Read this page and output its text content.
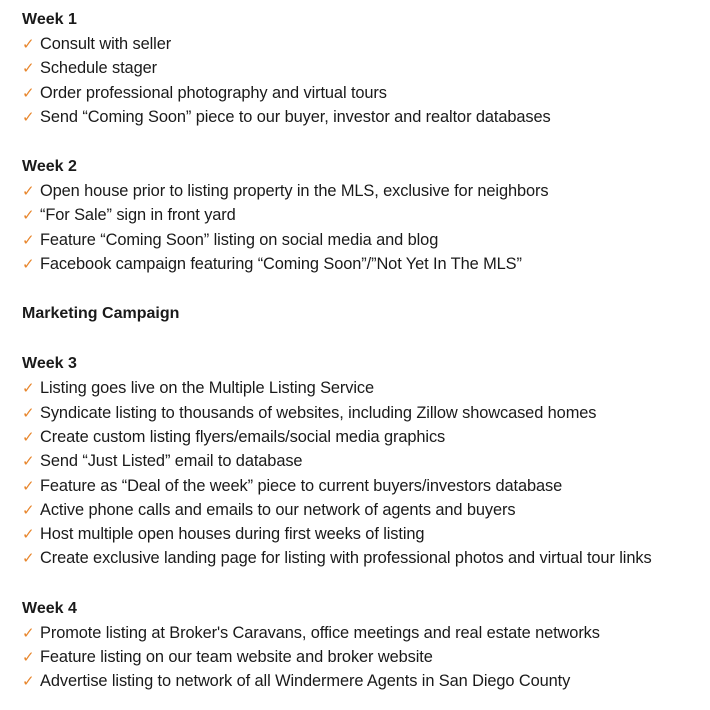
Week 1
✓ Consult with seller
✓ Schedule stager
✓ Order professional photography and virtual tours
✓ Send “Coming Soon” piece to our buyer, investor and realtor databases
Week 2
✓ Open house prior to listing property in the MLS, exclusive for neighbors
✓ “For Sale” sign in front yard
✓ Feature “Coming Soon” listing on social media and blog
✓ Facebook campaign featuring “Coming Soon”/”Not Yet In The MLS”
Marketing Campaign
Week 3
✓ Listing goes live on the Multiple Listing Service
✓ Syndicate listing to thousands of websites, including Zillow showcased homes
✓ Create custom listing flyers/emails/social media graphics
✓ Send “Just Listed” email to database
✓ Feature as “Deal of the week” piece to current buyers/investors database
✓ Active phone calls and emails to our network of agents and buyers
✓ Host multiple open houses during first weeks of listing
✓ Create exclusive landing page for listing with professional photos and virtual tour links
Week 4
✓ Promote listing at Broker's Caravans, office meetings and real estate networks
✓ Feature listing on our team website and broker website
✓ Advertise listing to network of all Windermere Agents in San Diego County
